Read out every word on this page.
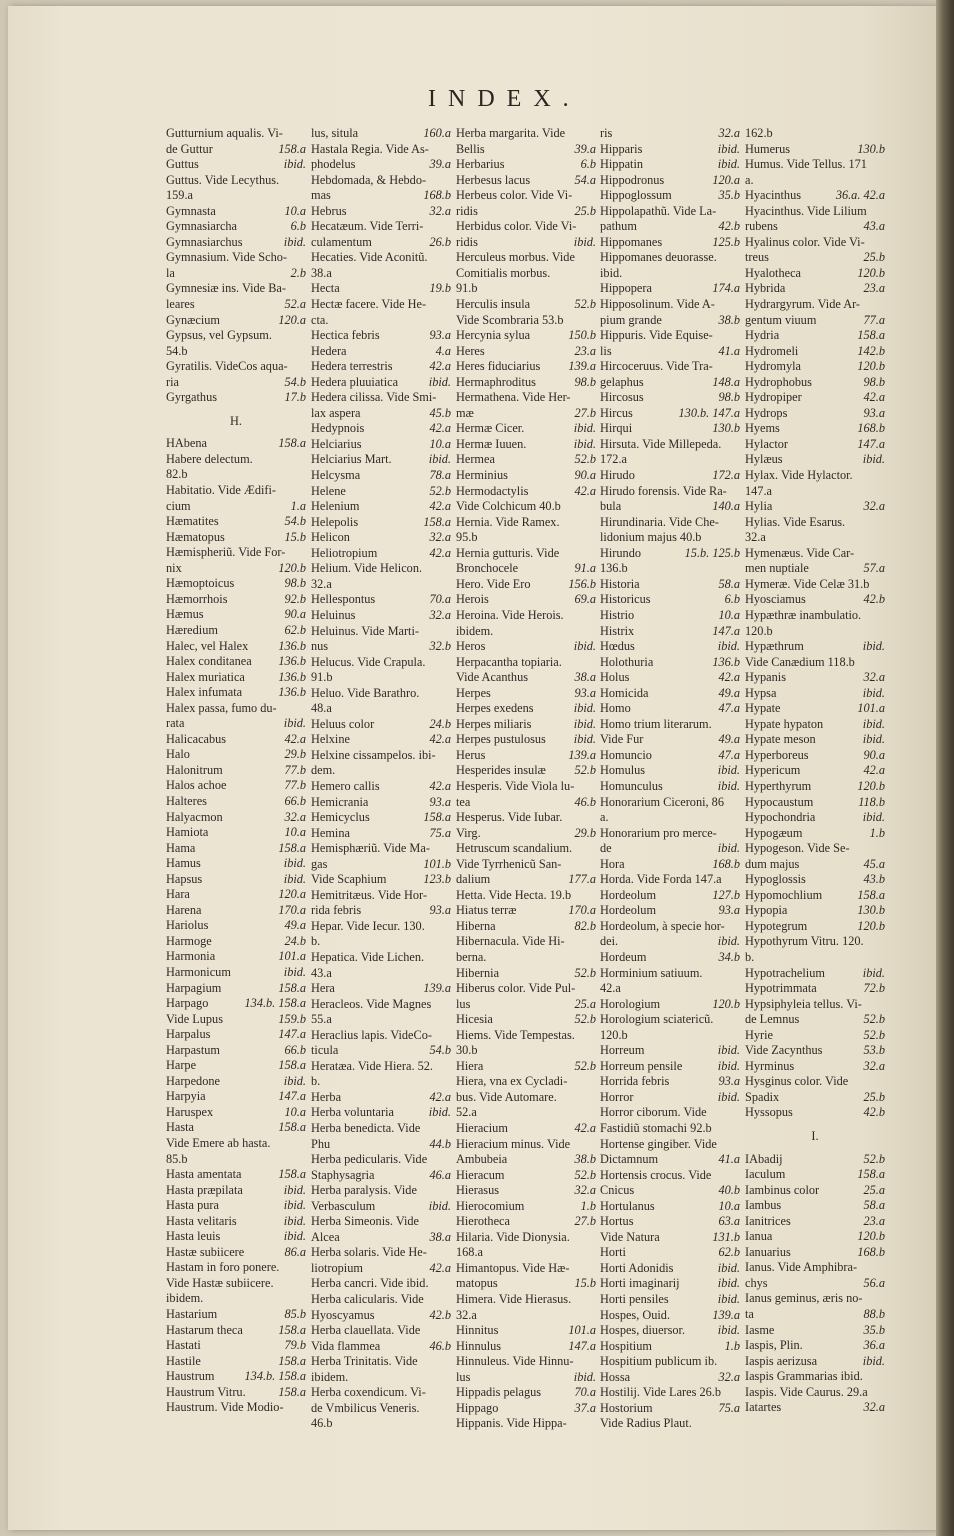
INDEX.
Gutturnium aqualis. Vi-
158.a
de Guttur
ibid.
Guttus
Guttus. Vide Lecythus.
159.a
10.a
Gymnasta
6.b
Gymnasiarcha
ibid.
Gymnasiarchus
Gymnasium. Vide Scho-
2.b
la
Gymnesiæ ins. Vide Ba-
52.a
leares
120.a
Gynæcium
Gypsus, vel Gypsum.
54.b
Gyratilis. VideCos aqua-
54.b
ria
17.b
Gyrgathus
H.
158.a
HAbena
Habere delectum.
82.b
Habitatio. Vide Ædifi-
1.a
cium
54.b
Hæmatites
15.b
Hæmatopus
Hæmispheriũ. Vide For-
120.b
nix
98.b
Hæmoptoicus
92.b
Hæmorrhois
90.a
Hæmus
62.b
Hæredium
136.b
Halec, vel Halex
136.b
Halex conditanea
136.b
Halex muriatica
136.b
Halex infumata
Halex passa, fumo du-
ibid.
rata
42.a
Halicacabus
29.b
Halo
77.b
Halonitrum
77.b
Halos achoe
66.b
Halteres
32.a
Halyacmon
10.a
Hamiota
158.a
Hama
ibid.
Hamus
ibid.
Hapsus
120.a
Hara
170.a
Harena
49.a
Hariolus
24.b
Harmoge
101.a
Harmonia
ibid.
Harmonicum
158.a
Harpagium
134.b. 158.a
Harpago
159.b
Vide Lupus
147.a
Harpalus
66.b
Harpastum
158.a
Harpe
ibid.
Harpedone
147.a
Harpyia
10.a
Haruspex
158.a
Hasta
Vide Emere ab hasta.
85.b
158.a
Hasta amentata
ibid.
Hasta præpilata
ibid.
Hasta pura
ibid.
Hasta velitaris
ibid.
Hasta leuis
86.a
Hastæ subiicere
Hastam in foro ponere.
Vide Hastæ subiicere.
ibidem.
85.b
Hastarium
158.a
Hastarum theca
79.b
Hastati
158.a
Hastile
134.b. 158.a
Haustrum
158.a
Haustrum Vitru.
Haustrum. Vide Modio-
160.a
lus, situla
Hastala Regia. Vide As-
39.a
phodelus
Hebdomada, & Hebdo-
168.b
mas
32.a
Hebrus
Hecatæum. Vide Terri-
26.b
culamentum
Hecaties. Vide Aconitũ.
38.a
19.b
Hecta
Hectæ facere. Vide He-
cta.
93.a
Hectica febris
4.a
Hedera
42.a
Hedera terrestris
ibid.
Hedera pluuiatica
Hedera cilissa. Vide Smi-
45.b
lax aspera
42.a
Hedypnois
10.a
Helciarius
ibid.
Helciarius Mart.
78.a
Helcysma
52.b
Helene
42.a
Helenium
158.a
Helepolis
32.a
Helicon
42.a
Heliotropium
Helium. Vide Helicon.
32.a
70.a
Hellespontus
32.a
Heluinus
Heluinus. Vide Marti-
32.b
nus
Helucus. Vide Crapula.
91.b
Heluo. Vide Barathro.
48.a
24.b
Heluus color
42.a
Helxine
Helxine cissampelos. ibi-
dem.
42.a
Hemero callis
93.a
Hemicrania
158.a
Hemicyclus
75.a
Hemina
Hemisphæriũ. Vide Ma-
101.b
gas
123.b
Vide Scaphium
Hemitritæus. Vide Hor-
93.a
rida febris
Hepar. Vide Iecur. 130.
b.
Hepatica. Vide Lichen.
43.a
139.a
Hera
Heracleos. Vide Magnes
55.a
Heraclius lapis. VideCo-
54.b
ticula
Heratæa. Vide Hiera. 52.
b.
42.a
Herba
ibid.
Herba voluntaria
Herba benedicta. Vide
44.b
Phu
Herba pedicularis. Vide
46.a
Staphysagria
Herba paralysis. Vide
ibid.
Verbasculum
Herba Simeonis. Vide
38.a
Alcea
Herba solaris. Vide He-
42.a
liotropium
Herba cancri. Vide ibid.
Herba calicularis. Vide
42.b
Hyoscyamus
Herba clauellata. Vide
46.b
Vida flammea
Herba Trinitatis. Vide
ibidem.
Herba coxendicum. Vi-
de Vmbilicus Veneris.
46.b
Herba margarita. Vide
39.a
Bellis
6.b
Herbarius
54.a
Herbesus lacus
Herbeus color. Vide Vi-
25.b
ridis
Herbidus color. Vide Vi-
ibid.
ridis
Herculeus morbus. Vide
Comitialis morbus.
91.b
52.b
Herculis insula
Vide Scombraria 53.b
150.b
Hercynia sylua
23.a
Heres
139.a
Heres fiduciarius
98.b
Hermaphroditus
Hermathena. Vide Her-
27.b
mæ
ibid.
Hermæ Cicer.
ibid.
Hermæ Iuuen.
52.b
Hermea
90.a
Herminius
42.a
Hermodactylis
Vide Colchicum 40.b
Hernia. Vide Ramex.
95.b
Hernia gutturis. Vide
91.a
Bronchocele
156.b
Hero. Vide Ero
69.a
Herois
Heroina. Vide Herois.
ibidem.
ibid.
Heros
Herpacantha topiaria.
38.a
Vide Acanthus
93.a
Herpes
ibid.
Herpes exedens
ibid.
Herpes miliaris
ibid.
Herpes pustulosus
139.a
Herus
52.b
Hesperides insulæ
Hesperis. Vide Viola lu-
46.b
tea
Hesperus. Vide Iubar.
29.b
Virg.
Hetruscum scandalium.
Vide Tyrrhenicũ San-
177.a
dalium
Hetta. Vide Hecta. 19.b
170.a
Hiatus terræ
82.b
Hiberna
Hibernacula. Vide Hi-
berna.
52.b
Hibernia
Hiberus color. Vide Pul-
25.a
lus
52.b
Hicesia
Hiems. Vide Tempestas.
30.b
52.b
Hiera
Hiera, vna ex Cycladi-
bus. Vide Automare.
52.a
42.a
Hieracium
Hieracium minus. Vide
38.b
Ambubeia
52.b
Hieracum
32.a
Hierasus
1.b
Hierocomium
27.b
Hierotheca
Hilaria. Vide Dionysia.
168.a
Himantopus. Vide Hæ-
15.b
matopus
Himera. Vide Hierasus.
32.a
101.a
Hinnitus
147.a
Hinnulus
Hinnuleus. Vide Hinnu-
ibid.
lus
70.a
Hippadis pelagus
37.a
Hippago
Hippanis. Vide Hippa-
32.a
ris
ibid.
Hipparis
ibid.
Hippatin
120.a
Hippodronus
35.b
Hippoglossum
Hippolapathũ. Vide La-
42.b
pathum
125.b
Hippomanes
Hippomanes deuorasse.
ibid.
174.a
Hippopera
Hipposolinum. Vide A-
38.b
pium grande
Hippuris. Vide Equise-
41.a
lis
Hircoceruus. Vide Tra-
148.a
gelaphus
98.b
Hircosus
130.b. 147.a
Hircus
130.b
Hirqui
Hirsuta. Vide Millepeda.
172.a
172.a
Hirudo
Hirudo forensis. Vide Ra-
140.a
bula
Hirundinaria. Vide Che-
lidonium majus 40.b
15.b. 125.b
Hirundo
136.b
58.a
Historia
6.b
Historicus
10.a
Histrio
147.a
Histrix
ibid.
Hœdus
136.b
Holothuria
42.a
Holus
49.a
Homicida
47.a
Homo
Homo trium literarum.
49.a
Vide Fur
47.a
Homuncio
ibid.
Homulus
ibid.
Homunculus
Honorarium Ciceroni, 86
a.
Honorarium pro merce-
ibid.
de
168.b
Hora
Horda. Vide Forda 147.a
127.b
Hordeolum
93.a
Hordeolum
Hordeolum, à specie hor-
ibid.
dei.
34.b
Hordeum
Horminium satiuum.
42.a
120.b
Horologium
Horologium sciatericũ.
120.b
ibid.
Horreum
ibid.
Horreum pensile
93.a
Horrida febris
ibid.
Horror
Horror ciborum. Vide
Fastidiũ stomachi 92.b
Hortense gingiber. Vide
41.a
Dictamnum
Hortensis crocus. Vide
40.b
Cnicus
10.a
Hortulanus
63.a
Hortus
131.b
Vide Natura
62.b
Horti
ibid.
Horti Adonidis
ibid.
Horti imaginarij
ibid.
Horti pensiles
139.a
Hospes, Ouid.
ibid.
Hospes, diuersor.
1.b
Hospitium
Hospitium publicum ib.
32.a
Hossa
Hostilij. Vide Lares 26.b
75.a
Hostorium
Vide Radius Plaut.
162.b
130.b
Humerus
Humus. Vide Tellus. 171
a.
36.a. 42.a
Hyacinthus
Hyacinthus. Vide Lilium
43.a
rubens
Hyalinus color. Vide Vi-
25.b
treus
120.b
Hyalotheca
23.a
Hybrida
Hydrargyrum. Vide Ar-
77.a
gentum viuum
158.a
Hydria
142.b
Hydromeli
120.b
Hydromyla
98.b
Hydrophobus
42.a
Hydropiper
93.a
Hydrops
168.b
Hyems
147.a
Hylactor
ibid.
Hylæus
Hylax. Vide Hylactor.
147.a
32.a
Hylia
Hylias. Vide Esarus.
32.a
Hymenæus. Vide Car-
57.a
men nuptiale
Hymeræ. Vide Celæ 31.b
42.b
Hyosciamus
Hypæthræ inambulatio.
120.b
ibid.
Hypæthrum
Vide Canædium 118.b
32.a
Hypanis
ibid.
Hypsa
101.a
Hypate
ibid.
Hypate hypaton
ibid.
Hypate meson
90.a
Hyperboreus
42.a
Hypericum
120.b
Hyperthyrum
118.b
Hypocaustum
ibid.
Hypochondria
1.b
Hypogæum
Hypogeson. Vide Se-
45.a
dum majus
43.b
Hypoglossis
158.a
Hypomochlium
130.b
Hypopia
120.b
Hypotegrum
Hypothyrum Vitru. 120.
b.
ibid.
Hypotrachelium
72.b
Hypotrimmata
Hypsiphyleia tellus. Vi-
52.b
de Lemnus
52.b
Hyrie
53.b
Vide Zacynthus
32.a
Hyrminus
Hysginus color. Vide
25.b
Spadix
42.b
Hyssopus
I.
52.b
IAbadij
158.a
Iaculum
25.a
Iambinus color
58.a
Iambus
23.a
Ianitrices
120.b
Ianua
168.b
Ianuarius
Ianus. Vide Amphibra-
56.a
chys
Ianus geminus, æris no-
88.b
ta
35.b
Iasme
36.a
Iaspis, Plin.
ibid.
Iaspis aerizusa
Iaspis Grammarias ibid.
Iaspis. Vide Caurus. 29.a
32.a
Iatartes
